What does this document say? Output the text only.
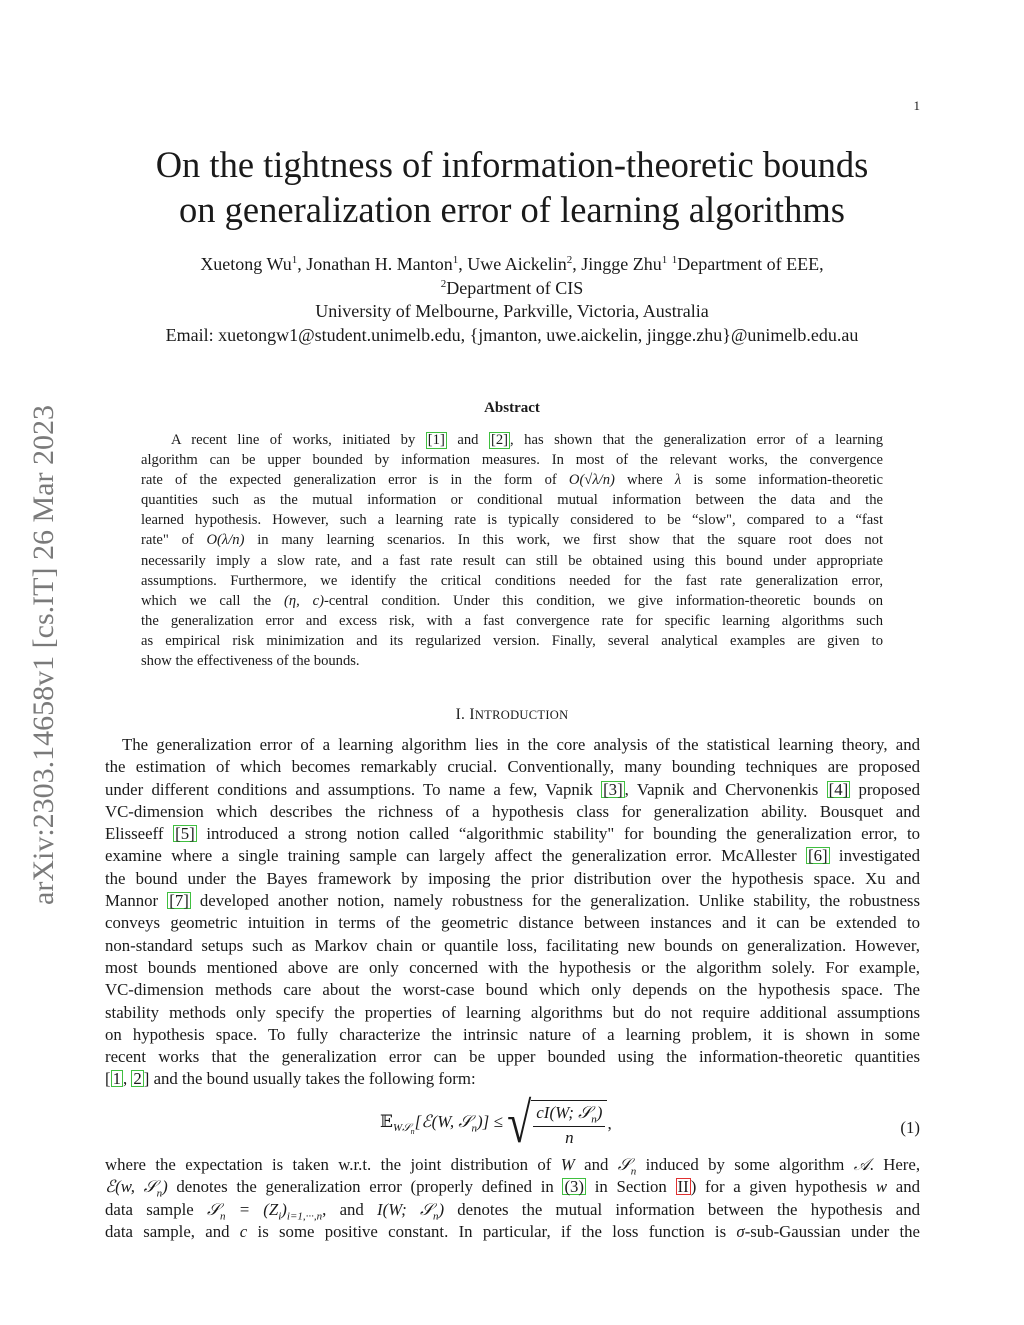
1
arXiv:2303.14658v1 [cs.IT] 26 Mar 2023
On the tightness of information-theoretic bounds
on generalization error of learning algorithms
Xuetong Wu$^1$, Jonathan H. Manton$^1$, Uwe Aickelin$^2$, Jingge Zhu$^1$ $^1$Department of EEE,
$^2$Department of CIS
University of Melbourne, Parkville, Victoria, Australia
Email: xuetongw1@student.unimelb.edu, {jmanton, uwe.aickelin, jingge.zhu}@unimelb.edu.au
Abstract
A recent line of works, initiated by [1] and [2] , has shown that the generalization error of a learning
algorithm can be upper bounded by information measures. In most of the relevant works, the convergence
rate of the expected generalization error is in the form of O(√λ/n) where λ is some information-theoretic
quantities such as the mutual information or conditional mutual information between the data and the
learned hypothesis. However, such a learning rate is typically considered to be “slow", compared to a “fast
rate" of O(λ/n) in many learning scenarios. In this work, we first show that the square root does not
necessarily imply a slow rate, and a fast rate result can still be obtained using this bound under appropriate
assumptions. Furthermore, we identify the critical conditions needed for the fast rate generalization error,
which we call the (η, c)-central condition. Under this condition, we give information-theoretic bounds on
the generalization error and excess risk, with a fast convergence rate for specific learning algorithms such
as empirical risk minimization and its regularized version. Finally, several analytical examples are given to
show the effectiveness of the bounds.
I. INTRODUCTION
The generalization error of a learning algorithm lies in the core analysis of the statistical learning theory, and
the estimation of which becomes remarkably crucial. Conventionally, many bounding techniques are proposed
under different conditions and assumptions. To name a few, Vapnik [3] , Vapnik and Chervonenkis [4] proposed
VC-dimension which describes the richness of a hypothesis class for generalization ability. Bousquet and
Elisseeff [5] introduced a strong notion called “algorithmic stability" for bounding the generalization error, to
examine where a single training sample can largely affect the generalization error. McAllester [6] investigated
the bound under the Bayes framework by imposing the prior distribution over the hypothesis space. Xu and
Mannor [7] developed another notion, namely robustness for the generalization. Unlike stability, the robustness
conveys geometric intuition in terms of the geometric distance between instances and it can be extended to
non-standard setups such as Markov chain or quantile loss, facilitating new bounds on generalization. However,
most bounds mentioned above are only concerned with the hypothesis or the algorithm solely. For example,
VC-dimension methods care about the worst-case bound which only depends on the hypothesis space. The
stability methods only specify the properties of learning algorithms but do not require additional assumptions
on hypothesis space. To fully characterize the intrinsic nature of a learning problem, it is shown in some
recent works that the generalization error can be upper bounded using the information-theoretic quantities
[ 1 , 2 ] and the bound usually takes the following form:
𝔼$_{W𝒮_n}$[ℰ(W, 𝒮$_n$)] ≤ √ $\frac{cI(W; 𝒮_n)}{n}$ ,	(1)
where the expectation is taken w.r.t. the joint distribution of W and 𝒮$_n$ induced by some algorithm 𝒜. Here,
ℰ(w, 𝒮$_n$) denotes the generalization error (properly defined in (3) in Section II ) for a given hypothesis w and
data sample 𝒮$_n$ = $(Z_i)_{i=1,\cdot\cdot\cdot,n}$, and I(W; 𝒮$_n$) denotes the mutual information between the hypothesis and
data sample, and c is some positive constant. In particular, if the loss function is σ-sub-Gaussian under the
